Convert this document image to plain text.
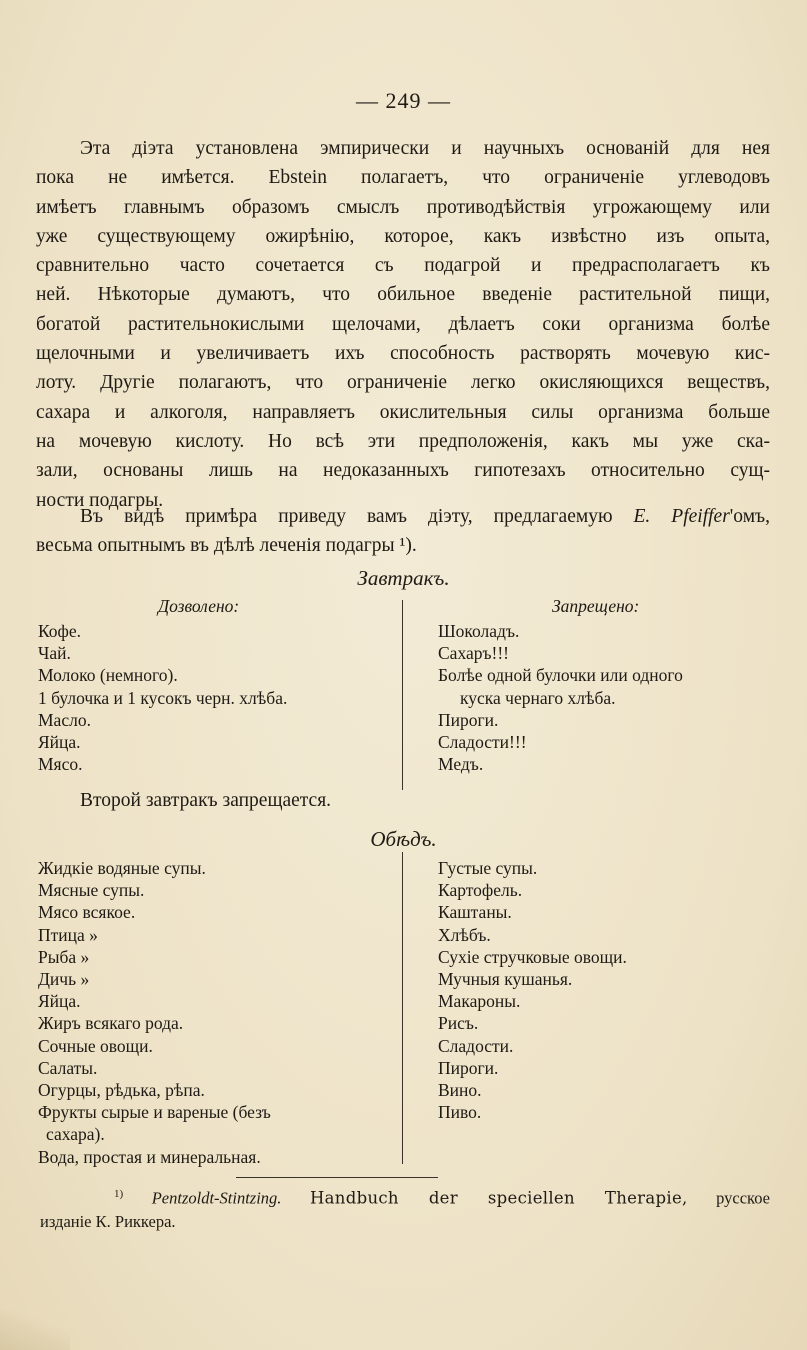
— 249 —
Эта діэта установлена эмпирически и научныхъ основаній для нея
пока не имѣется. Ebstein полагаетъ, что ограниченіе углеводовъ
имѣетъ главнымъ образомъ смыслъ противодѣйствія угрожающему или
уже существующему ожирѣнію, которое, какъ извѣстно изъ опыта,
сравнительно часто сочетается съ подагрой и предрасполагаетъ къ
ней. Нѣкоторые думаютъ, что обильное введеніе растительной пищи,
богатой растительнокислыми щелочами, дѣлаетъ соки организма болѣе
щелочными и увеличиваетъ ихъ способность растворять мочевую кис-
лоту. Другіе полагаютъ, что ограниченіе легко окисляющихся веществъ,
сахара и алкоголя, направляетъ окислительныя силы организма больше
на мочевую кислоту. Но всѣ эти предположенія, какъ мы уже ска-
зали, основаны лишь на недоказанныхъ гипотезахъ относительно сущ-
ности подагры.
Въ видѣ примѣра приведу вамъ діэту, предлагаемую E. Pfeiffer'омъ,
весьма опытнымъ въ дѣлѣ леченія подагры ¹).
Завтракъ.
Дозволено:	Запрещено:
Кофе.
Чай.
Молоко (немного).
1 булочка и 1 кусокъ черн. хлѣба.
Масло.
Яйца.
Мясо.
Шоколадъ.
Сахаръ!!!
Болѣе одной булочки или одного
куска чернаго хлѣба.
Пироги.
Сладости!!!
Медъ.
Второй завтракъ запрещается.
Обѣдъ.
Жидкіе водяные супы.
Мясные супы.
Мясо всякое.
Птица »
Рыба »
Дичь »
Яйца.
Жиръ всякаго рода.
Сочные овощи.
Салаты.
Огурцы, рѣдька, рѣпа.
Фрукты сырые и вареные (безъ
сахара).
Вода, простая и минеральная.
Густые супы.
Картофель.
Каштаны.
Хлѣбъ.
Сухіе стручковые овощи.
Мучныя кушанья.
Макароны.
Рисъ.
Сладости.
Пироги.
Вино.
Пиво.
$^{1)}$ Pentzoldt-Stintzing. Handbuch der speciellen Therapie, русское
изданіе К. Риккера.
